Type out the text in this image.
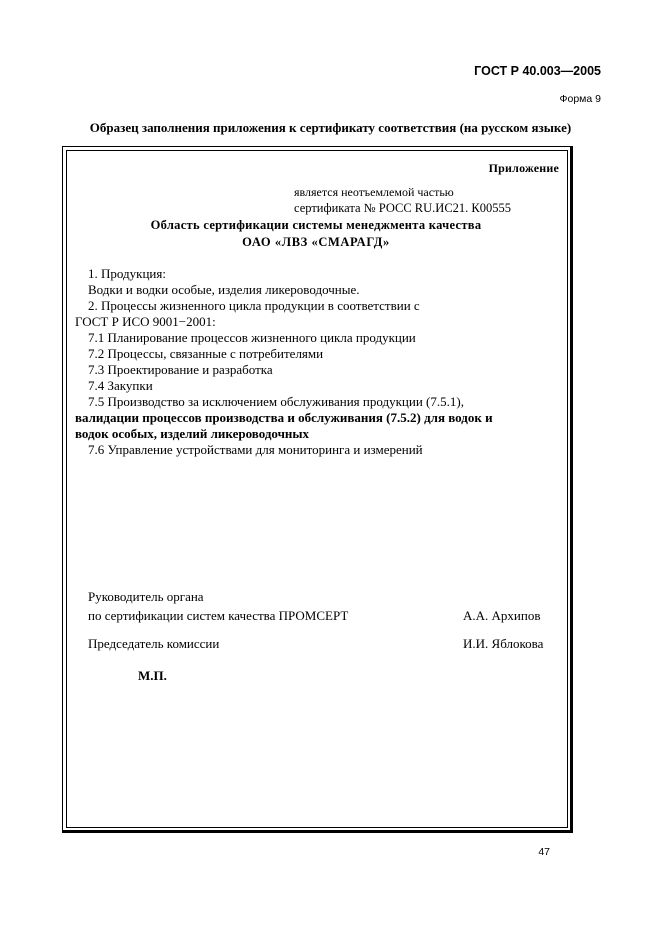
ГОСТ Р 40.003—2005
Форма 9
Образец заполнения приложения к сертификату соответствия (на русском языке)
Приложение
является неотъемлемой частью
сертификата № РОСС RU.ИС21. К00555
Область сертификации системы менеджмента качества
ОАО «ЛВЗ «СМАРАГД»
1. Продукция:
Водки и водки особые, изделия ликероводочные.
2. Процессы жизненного цикла продукции в соответствии с
ГОСТ Р ИСО 9001−2001:
7.1 Планирование процессов жизненного цикла продукции
7.2 Процессы, связанные с потребителями
7.3 Проектирование и разработка
7.4 Закупки
7.5 Производство за исключением обслуживания продукции (7.5.1),
валидации процессов производства и обслуживания (7.5.2) для водок и
водок особых, изделий ликероводочных
7.6 Управление устройствами для мониторинга и измерений
Руководитель органа
по сертификации систем качества ПРОМСЕРТ	А.А. Архипов
Председатель комиссии	И.И. Яблокова
М.П.
47
